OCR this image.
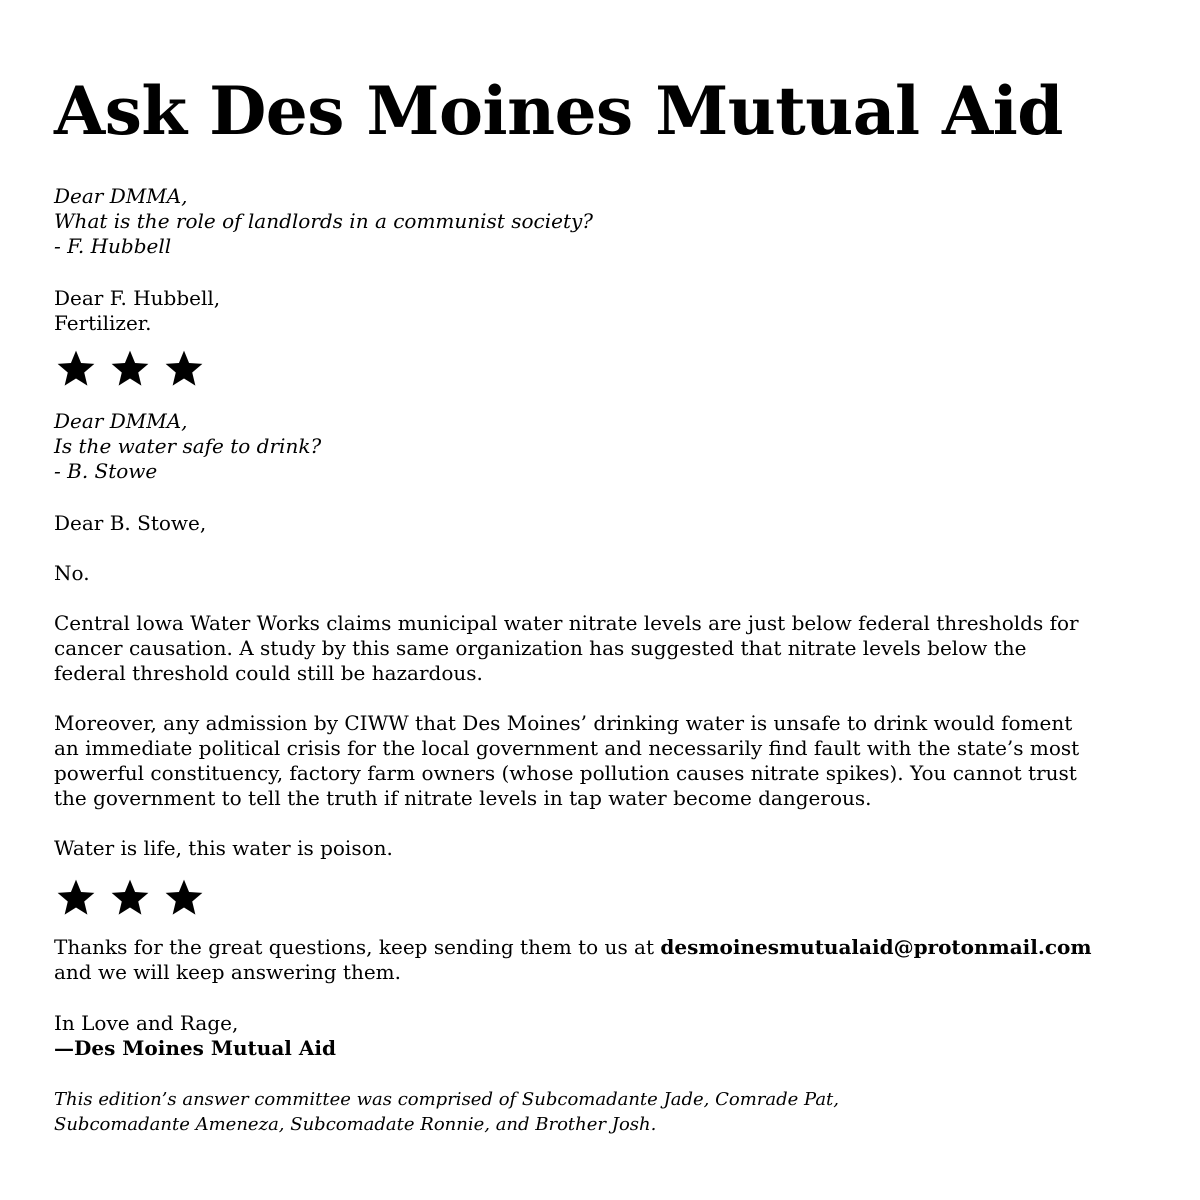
Ask Des Moines Mutual Aid
Dear DMMA,
What is the role of landlords in a communist society?
- F. Hubbell
Dear F. Hubbell,
Fertilizer.
Dear DMMA,
Is the water safe to drink?
- B. Stowe
Dear B. Stowe,
No.
Central lowa Water Works claims municipal water nitrate levels are just below federal thresholds for
cancer causation. A study by this same organization has suggested that nitrate levels below the
federal threshold could still be hazardous.
Moreover, any admission by CIWW that Des Moines’ drinking water is unsafe to drink would foment
an immediate political crisis for the local government and necessarily find fault with the state’s most
powerful constituency, factory farm owners (whose pollution causes nitrate spikes). You cannot trust
the government to tell the truth if nitrate levels in tap water become dangerous.
Water is life, this water is poison.
Thanks for the great questions, keep sending them to us at desmoinesmutualaid@protonmail.com
and we will keep answering them.
In Love and Rage,
—Des Moines Mutual Aid
This edition’s answer committee was comprised of Subcomadante Jade, Comrade Pat,
Subcomadante Ameneza, Subcomadate Ronnie, and Brother Josh.
